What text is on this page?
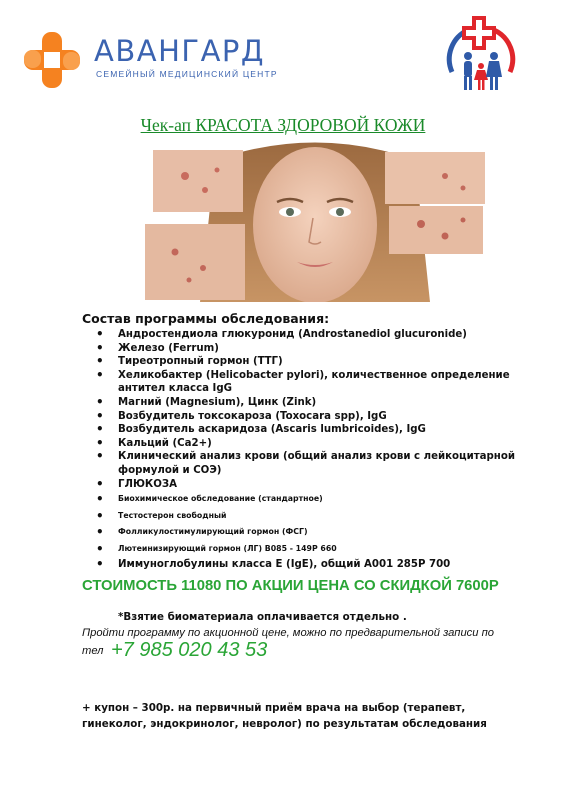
АВАНГАРД
СЕМЕЙНЫЙ МЕДИЦИНСКИЙ ЦЕНТР
Чек-ап КРАСОТА ЗДОРОВОЙ КОЖИ
Состав программы обследования:
• Андростендиола глюкуронид (Androstanediol glucuronide)
• Железо (Ferrum)
• Тиреотропный гормон (ТТГ)
• Хеликобактер (Helicobacter pylori), количественное определение антител класса IgG
• Магний (Magnesium), Цинк (Zink)
• Возбудитель токсокароза (Toxocara spp), IgG
• Возбудитель аскаридоза (Ascaris lumbricoides), IgG
• Кальций (Ca2+)
• Клинический анализ крови (общий анализ крови с лейкоцитарной формулой и СОЭ)
• ГЛЮКОЗА
• Биохимическое обследование (стандартное)
• Тестостерон свободный
• Фолликулостимулирующий гормон (ФСГ)
• Лютеинизирующий гормон (ЛГ) B085 - 149Р 660
• Иммуноглобулины класса Е (IgE), общий А001 285Р 700
СТОИМОСТЬ 11080 ПО АКЦИИ ЦЕНА СО СКИДКОЙ 7600Р
*Взятие биоматериала оплачивается отдельно .
Пройти программу по акционной цене, можно по предварительной записи по
тел +7 985 020 43 53
+ купон – 300р. на первичный приём врача на выбор (терапевт, гинеколог, эндокринолог, невролог) по результатам обследования
